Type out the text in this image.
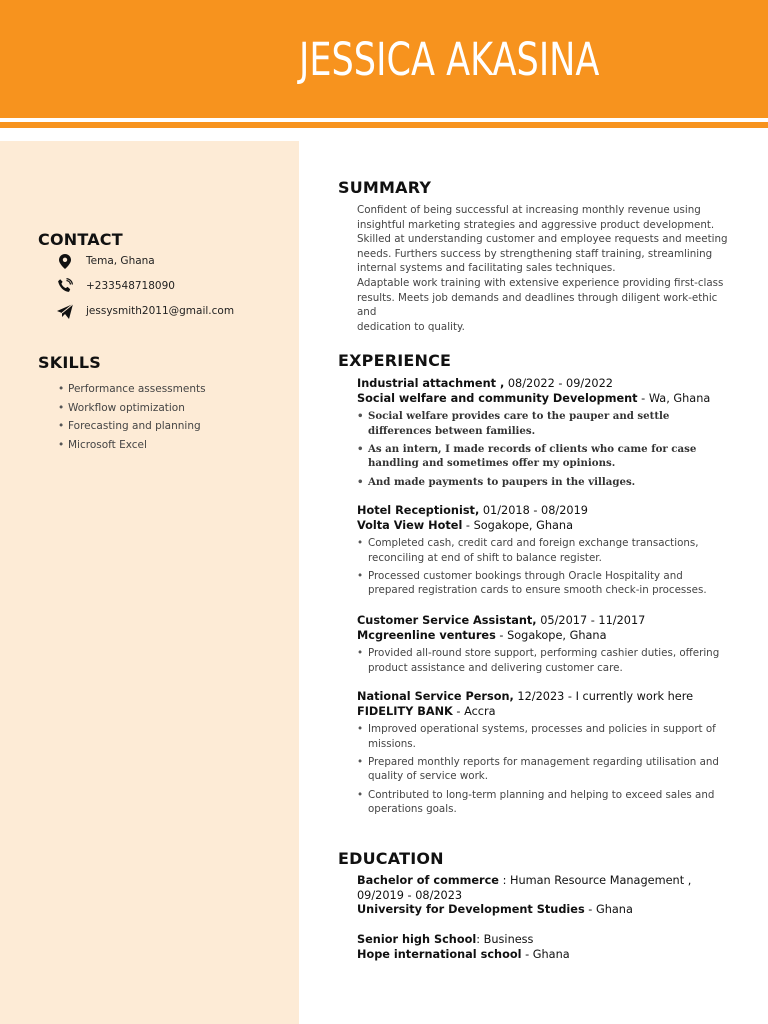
JESSICA AKASINA
CONTACT
Tema, Ghana
+233548718090
jessysmith2011@gmail.com
SKILLS
• Performance assessments
• Workflow optimization
• Forecasting and planning
• Microsoft Excel
SUMMARY
Confident of being successful at increasing monthly revenue using
insightful marketing strategies and aggressive product development.
Skilled at understanding customer and employee requests and meeting
needs. Furthers success by strengthening staff training, streamlining
internal systems and facilitating sales techniques.
Adaptable work training with extensive experience providing first-class
results. Meets job demands and deadlines through diligent work-ethic and
dedication to quality.
EXPERIENCE
Industrial attachment , 08/2022 - 09/2022
Social welfare and community Development - Wa, Ghana
• Social welfare provides care to the pauper and settle differences between families.
• As an intern, I made records of clients who came for case handling and sometimes offer my opinions.
• And made payments to paupers in the villages.
Hotel Receptionist, 01/2018 - 08/2019
Volta View Hotel - Sogakope, Ghana
• Completed cash, credit card and foreign exchange transactions, reconciling at end of shift to balance register.
• Processed customer bookings through Oracle Hospitality and prepared registration cards to ensure smooth check-in processes.
Customer Service Assistant, 05/2017 - 11/2017
Mcgreenline ventures - Sogakope, Ghana
• Provided all-round store support, performing cashier duties, offering product assistance and delivering customer care.
National Service Person, 12/2023 - I currently work here
FIDELITY BANK - Accra
• Improved operational systems, processes and policies in support of missions.
• Prepared monthly reports for management regarding utilisation and quality of service work.
• Contributed to long-term planning and helping to exceed sales and operations goals.
EDUCATION
Bachelor of commerce : Human Resource Management , 09/2019 - 08/2023
University for Development Studies - Ghana
Senior high School: Business
Hope international school - Ghana
